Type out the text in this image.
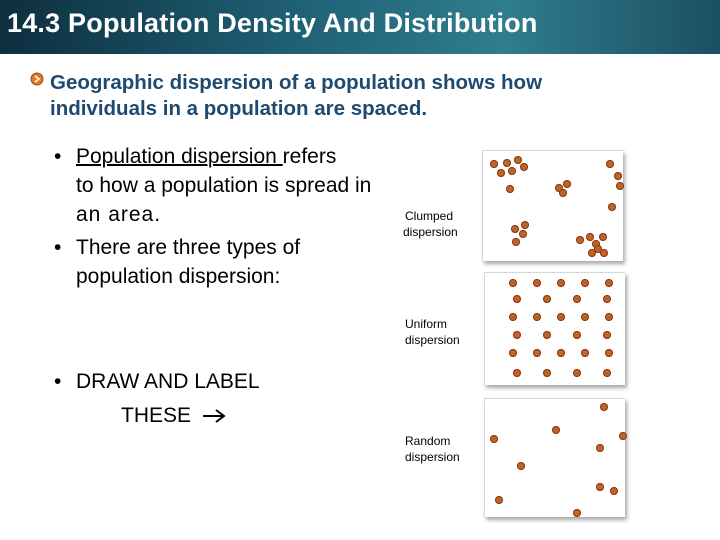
14.3 Population Density And Distribution
Geographic dispersion of a population shows how individuals in a population are spaced.
• Population dispersion refers
to how a population is spread in
an area.
• There are three types of
population dispersion:
• DRAW AND LABEL
THESE
Clumped
dispersion
Uniform
dispersion
Random
dispersion
